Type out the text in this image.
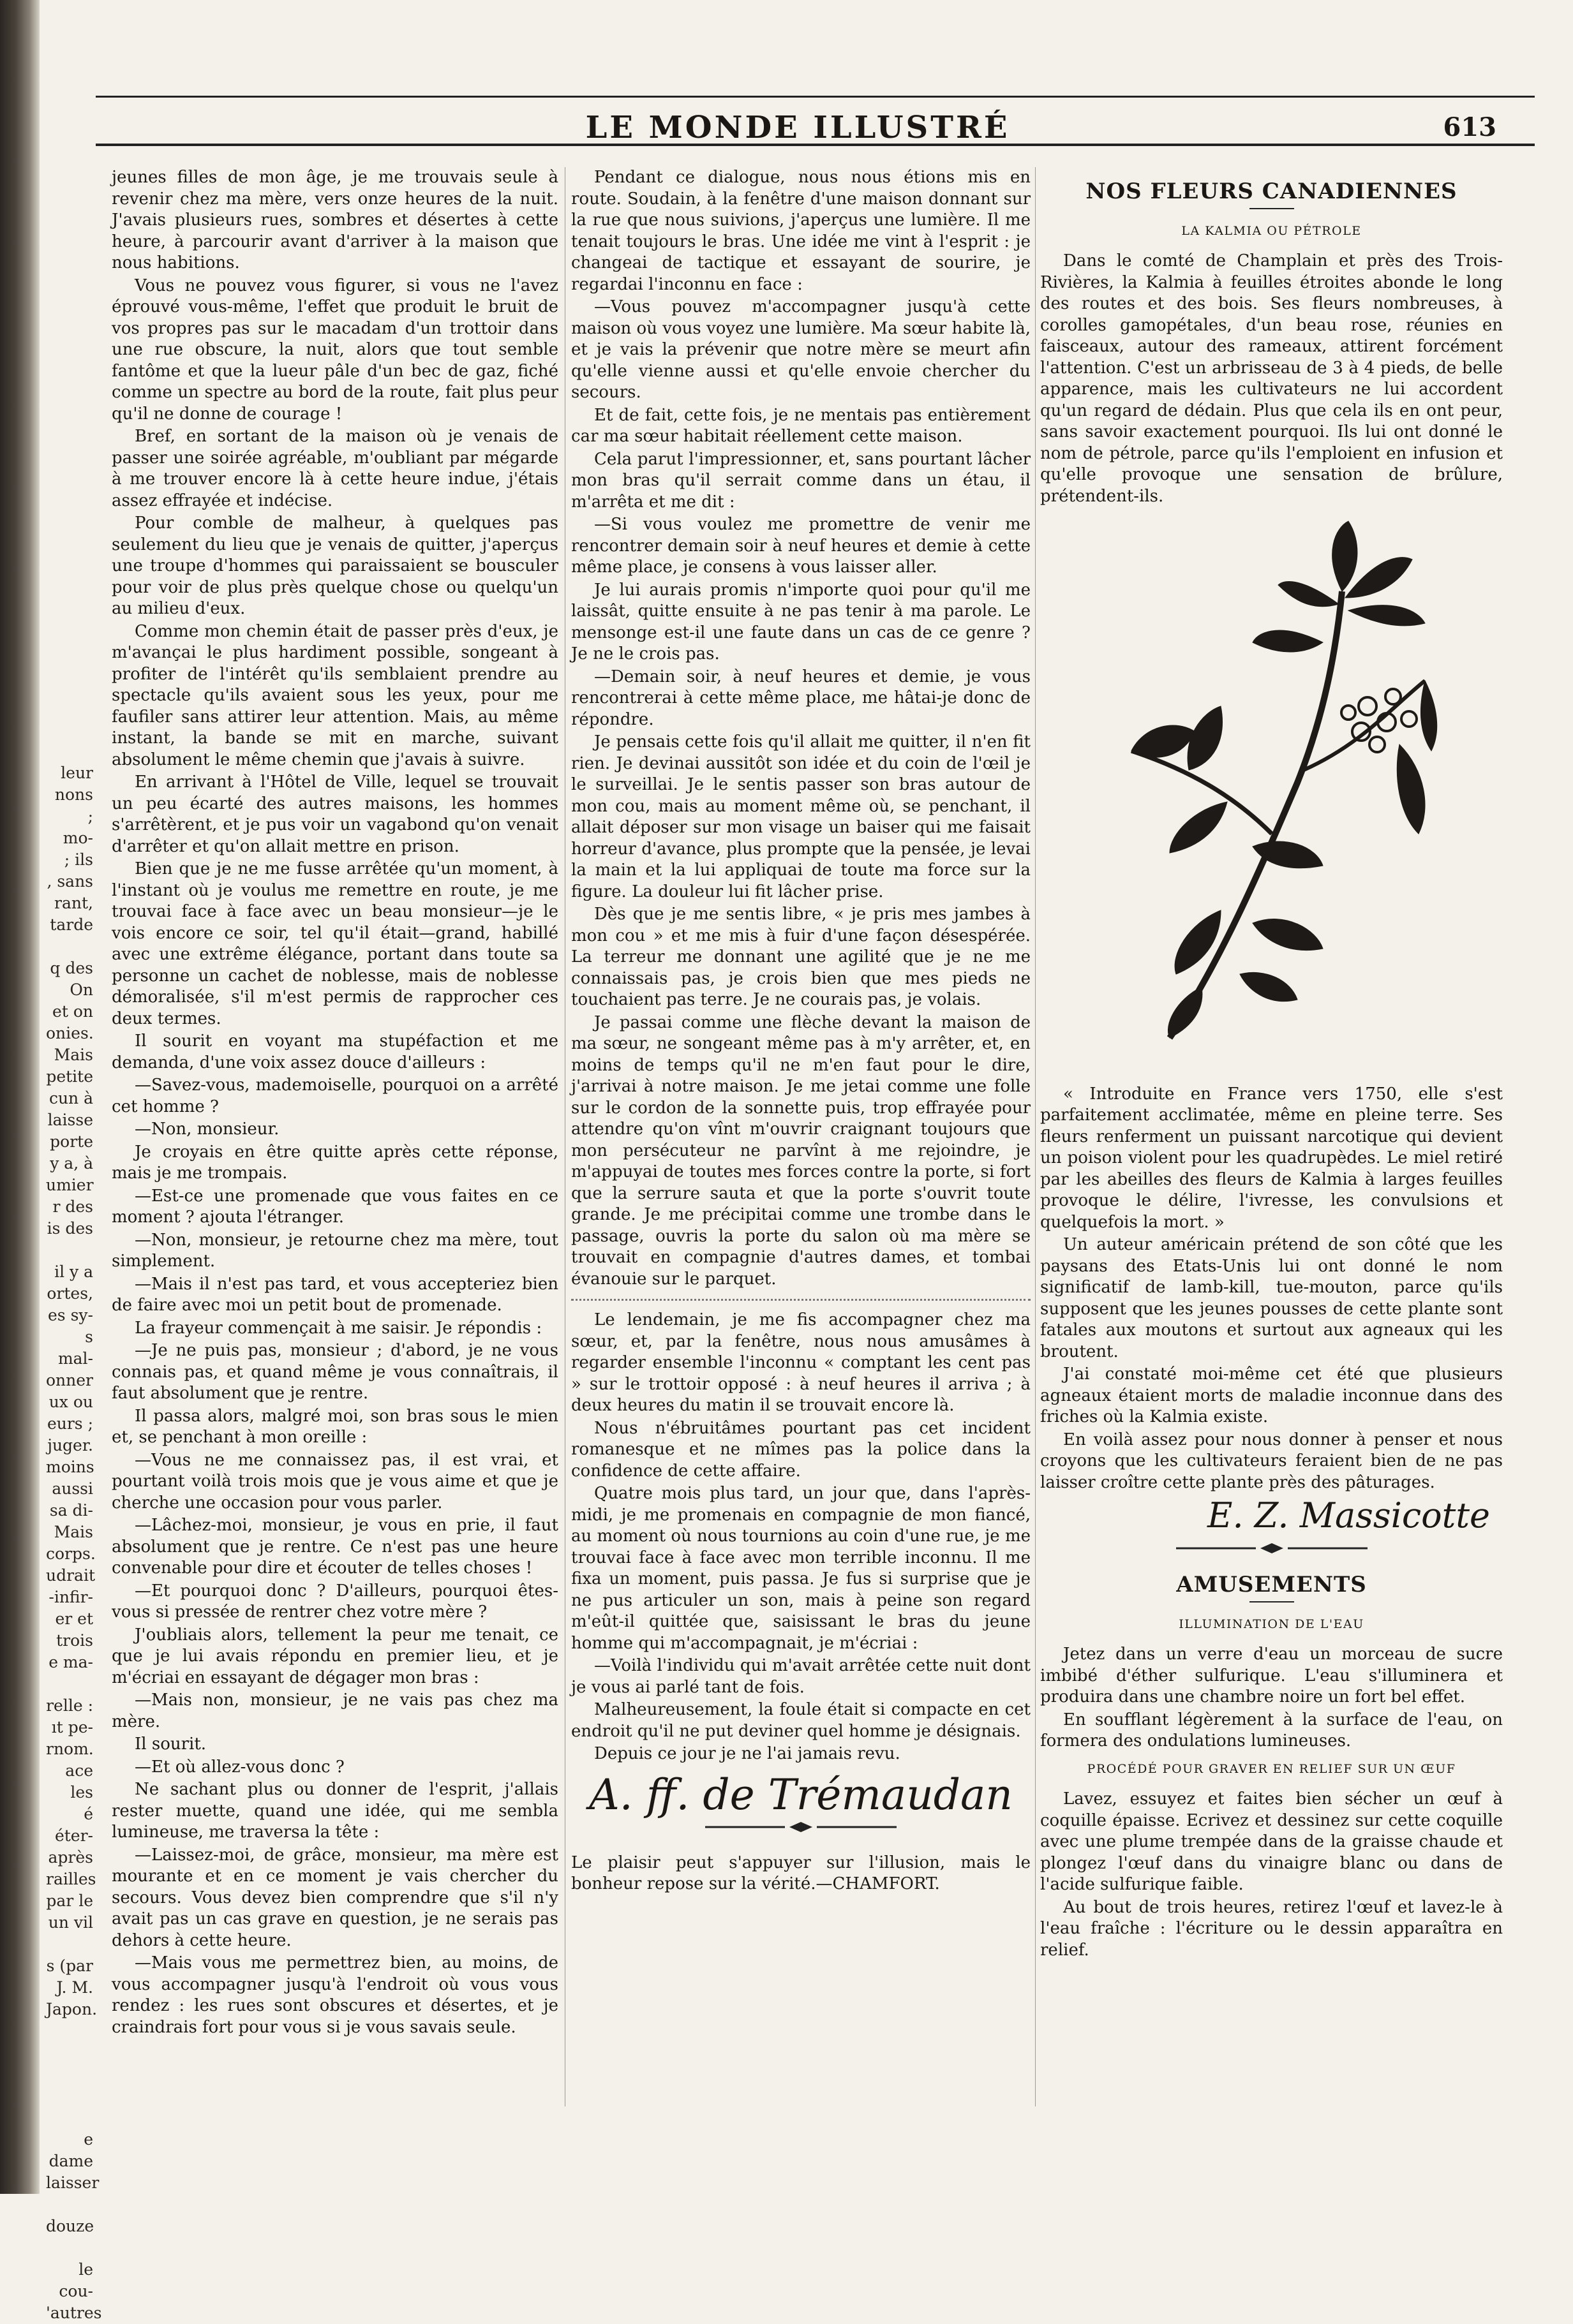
leur
nons ;
mo-
; ils
, sans
rant,
tarde
q des
On
et on
onies.
Mais
petite
cun à
laisse
porte
y a, à
umier
r des
is des
il y a
ortes,
es sy-
s mal-
onner
ux ou
eurs ;
juger.
moins
aussi
sa di-
Mais
corps.
udrait
-infir-
er et
trois
e ma-
relle :
ıt pe-
rnom.
ace les
é éter-
après
railles
par le
un vil
s (par
J. M.
Japon.
e dame
laisser
douze
le cou-
'autres
LE MONDE ILLUSTRÉ	613

jeunes filles de mon âge, je me trouvais seule à revenir chez ma mère, vers onze heures de la nuit. J'avais plusieurs rues, sombres et désertes à cette heure, à parcourir avant d'arriver à la maison que nous habitions.

Vous ne pouvez vous figurer, si vous ne l'avez éprouvé vous-même, l'effet que produit le bruit de vos propres pas sur le macadam d'un trottoir dans une rue obscure, la nuit, alors que tout semble fantôme et que la lueur pâle d'un bec de gaz, fiché comme un spectre au bord de la route, fait plus peur qu'il ne donne de courage !

Bref, en sortant de la maison où je venais de passer une soirée agréable, m'oubliant par mégarde à me trouver encore là à cette heure indue, j'étais assez effrayée et indécise.

Pour comble de malheur, à quelques pas seulement du lieu que je venais de quitter, j'aperçus une troupe d'hommes qui paraissaient se bousculer pour voir de plus près quelque chose ou quelqu'un au milieu d'eux.

Comme mon chemin était de passer près d'eux, je m'avançai le plus hardiment possible, songeant à profiter de l'intérêt qu'ils semblaient prendre au spectacle qu'ils avaient sous les yeux, pour me faufiler sans attirer leur attention. Mais, au même instant, la bande se mit en marche, suivant absolument le même chemin que j'avais à suivre.

En arrivant à l'Hôtel de Ville, lequel se trouvait un peu écarté des autres maisons, les hommes s'arrêtèrent, et je pus voir un vagabond qu'on venait d'arrêter et qu'on allait mettre en prison.

Bien que je ne me fusse arrêtée qu'un moment, à l'instant où je voulus me remettre en route, je me trouvai face à face avec un beau monsieur—je le vois encore ce soir, tel qu'il était—grand, habillé avec une extrême élégance, portant dans toute sa personne un cachet de noblesse, mais de noblesse démoralisée, s'il m'est permis de rapprocher ces deux termes.

Il sourit en voyant ma stupéfaction et me demanda, d'une voix assez douce d'ailleurs :

—Savez-vous, mademoiselle, pourquoi on a arrêté cet homme ?

—Non, monsieur.

Je croyais en être quitte après cette réponse, mais je me trompais.

—Est-ce une promenade que vous faites en ce moment ? ajouta l'étranger.

—Non, monsieur, je retourne chez ma mère, tout simplement.

—Mais il n'est pas tard, et vous accepteriez bien de faire avec moi un petit bout de promenade.

La frayeur commençait à me saisir. Je répondis :

—Je ne puis pas, monsieur ; d'abord, je ne vous connais pas, et quand même je vous connaîtrais, il faut absolument que je rentre.

Il passa alors, malgré moi, son bras sous le mien et, se penchant à mon oreille :

—Vous ne me connaissez pas, il est vrai, et pourtant voilà trois mois que je vous aime et que je cherche une occasion pour vous parler.

—Lâchez-moi, monsieur, je vous en prie, il faut absolument que je rentre. Ce n'est pas une heure convenable pour dire et écouter de telles choses !

—Et pourquoi donc ? D'ailleurs, pourquoi êtes-vous si pressée de rentrer chez votre mère ?

J'oubliais alors, tellement la peur me tenait, ce que je lui avais répondu en premier lieu, et je m'écriai en essayant de dégager mon bras :

—Mais non, monsieur, je ne vais pas chez ma mère.

Il sourit.

—Et où allez-vous donc ?

Ne sachant plus ou donner de l'esprit, j'allais rester muette, quand une idée, qui me sembla lumineuse, me traversa la tête :

—Laissez-moi, de grâce, monsieur, ma mère est mourante et en ce moment je vais chercher du secours. Vous devez bien comprendre que s'il n'y avait pas un cas grave en question, je ne serais pas dehors à cette heure.

—Mais vous me permettrez bien, au moins, de vous accompagner jusqu'à l'endroit où vous vous rendez : les rues sont obscures et désertes, et je craindrais fort pour vous si je vous savais seule.

Pendant ce dialogue, nous nous étions mis en route. Soudain, à la fenêtre d'une maison donnant sur la rue que nous suivions, j'aperçus une lumière. Il me tenait toujours le bras. Une idée me vint à l'esprit : je changeai de tactique et essayant de sourire, je regardai l'inconnu en face :

—Vous pouvez m'accompagner jusqu'à cette maison où vous voyez une lumière. Ma sœur habite là, et je vais la prévenir que notre mère se meurt afin qu'elle vienne aussi et qu'elle envoie chercher du secours.

Et de fait, cette fois, je ne mentais pas entièrement car ma sœur habitait réellement cette maison.

Cela parut l'impressionner, et, sans pourtant lâcher mon bras qu'il serrait comme dans un étau, il m'arrêta et me dit :

—Si vous voulez me promettre de venir me rencontrer demain soir à neuf heures et demie à cette même place, je consens à vous laisser aller.

Je lui aurais promis n'importe quoi pour qu'il me laissât, quitte ensuite à ne pas tenir à ma parole. Le mensonge est-il une faute dans un cas de ce genre ? Je ne le crois pas.

—Demain soir, à neuf heures et demie, je vous rencontrerai à cette même place, me hâtai-je donc de répondre.

Je pensais cette fois qu'il allait me quitter, il n'en fit rien. Je devinai aussitôt son idée et du coin de l'œil je le surveillai. Je le sentis passer son bras autour de mon cou, mais au moment même où, se penchant, il allait déposer sur mon visage un baiser qui me faisait horreur d'avance, plus prompte que la pensée, je levai la main et la lui appliquai de toute ma force sur la figure. La douleur lui fit lâcher prise.

Dès que je me sentis libre, « je pris mes jambes à mon cou » et me mis à fuir d'une façon désespérée. La terreur me donnant une agilité que je ne me connaissais pas, je crois bien que mes pieds ne touchaient pas terre. Je ne courais pas, je volais.

Je passai comme une flèche devant la maison de ma sœur, ne songeant même pas à m'y arrêter, et, en moins de temps qu'il ne m'en faut pour le dire, j'arrivai à notre maison. Je me jetai comme une folle sur le cordon de la sonnette puis, trop effrayée pour attendre qu'on vînt m'ouvrir craignant toujours que mon persécuteur ne parvînt à me rejoindre, je m'appuyai de toutes mes forces contre la porte, si fort que la serrure sauta et que la porte s'ouvrit toute grande. Je me précipitai comme une trombe dans le passage, ouvris la porte du salon où ma mère se trouvait en compagnie d'autres dames, et tombai évanouie sur le parquet.

Le lendemain, je me fis accompagner chez ma sœur, et, par la fenêtre, nous nous amusâmes à regarder ensemble l'inconnu « comptant les cent pas » sur le trottoir opposé : à neuf heures il arriva ; à deux heures du matin il se trouvait encore là.

Nous n'ébruitâmes pourtant pas cet incident romanesque et ne mîmes pas la police dans la confidence de cette affaire.

Quatre mois plus tard, un jour que, dans l'après-midi, je me promenais en compagnie de mon fiancé, au moment où nous tournions au coin d'une rue, je me trouvai face à face avec mon terrible inconnu. Il me fixa un moment, puis passa. Je fus si surprise que je ne pus articuler un son, mais à peine son regard m'eût-il quittée que, saisissant le bras du jeune homme qui m'accompagnait, je m'écriai :

—Voilà l'individu qui m'avait arrêtée cette nuit dont je vous ai parlé tant de fois.

Malheureusement, la foule était si compacte en cet endroit qu'il ne put deviner quel homme je désignais.

Depuis ce jour je ne l'ai jamais revu.

A. ff. de Trémaudan

Le plaisir peut s'appuyer sur l'illusion, mais le bonheur repose sur la vérité.—CHAMFORT.

NOS FLEURS CANADIENNES
LA KALMIA OU PÉTROLE

Dans le comté de Champlain et près des Trois-Rivières, la Kalmia à feuilles étroites abonde le long des routes et des bois. Ses fleurs nombreuses, à corolles gamopétales, d'un beau rose, réunies en faisceaux, autour des rameaux, attirent forcément l'attention. C'est un arbrisseau de 3 à 4 pieds, de belle apparence, mais les cultivateurs ne lui accordent qu'un regard de dédain. Plus que cela ils en ont peur, sans savoir exactement pourquoi. Ils lui ont donné le nom de pétrole, parce qu'ils l'emploient en infusion et qu'elle provoque une sensation de brûlure, prétendent-ils.

« Introduite en France vers 1750, elle s'est parfaitement acclimatée, même en pleine terre. Ses fleurs renferment un puissant narcotique qui devient un poison violent pour les quadrupèdes. Le miel retiré par les abeilles des fleurs de Kalmia à larges feuilles provoque le délire, l'ivresse, les convulsions et quelquefois la mort. »

Un auteur américain prétend de son côté que les paysans des Etats-Unis lui ont donné le nom significatif de lamb-kill, tue-mouton, parce qu'ils supposent que les jeunes pousses de cette plante sont fatales aux moutons et surtout aux agneaux qui les broutent.

J'ai constaté moi-même cet été que plusieurs agneaux étaient morts de maladie inconnue dans des friches où la Kalmia existe.

En voilà assez pour nous donner à penser et nous croyons que les cultivateurs feraient bien de ne pas laisser croître cette plante près des pâturages.

E. Z. Massicotte
AMUSEMENTS
ILLUMINATION DE L'EAU

Jetez dans un verre d'eau un morceau de sucre imbibé d'éther sulfurique. L'eau s'illuminera et produira dans une chambre noire un fort bel effet.

En soufflant légèrement à la surface de l'eau, on formera des ondulations lumineuses.

PROCÉDÉ POUR GRAVER EN RELIEF SUR UN ŒUF

Lavez, essuyez et faites bien sécher un œuf à coquille épaisse. Ecrivez et dessinez sur cette coquille avec une plume trempée dans de la graisse chaude et plongez l'œuf dans du vinaigre blanc ou dans de l'acide sulfurique faible.

Au bout de trois heures, retirez l'œuf et lavez-le à l'eau fraîche : l'écriture ou le dessin apparaîtra en relief.
